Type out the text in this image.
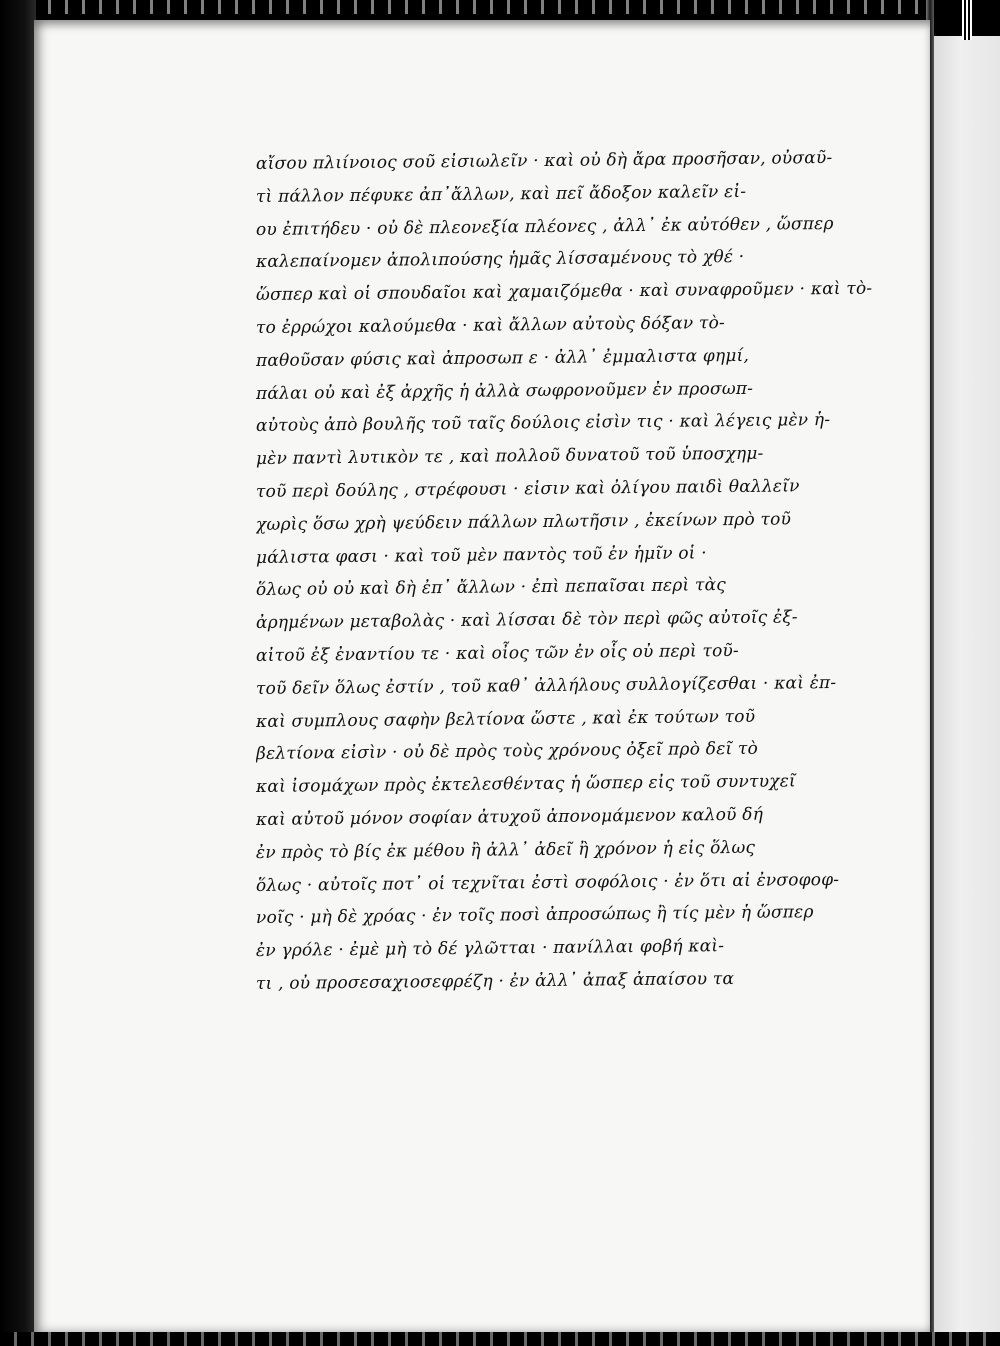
αἴσου πλιίνοιος σοῦ εἰσιωλεῖν · καὶ οὐ δὴ ἄρα προσῆσαν, οὐσαῦ-
τὶ πάλλον πέφυκε ἀπ᾿ἄλλων, καὶ πεῖ ἄδοξον καλεῖν εἰ-
ου ἐπιτήδευ · οὐ δὲ πλεονεξία πλέονες , ἀλλ᾿ ἐκ αὐτόθεν , ὥσπερ
καλεπαίνομεν ἀπολιπούσης ἡμᾶς λίσσαμένους τὸ χθέ ·
ὥσπερ καὶ οἱ σπουδαῖοι καὶ χαμαιζόμεθα · καὶ συναφροῦμεν · καὶ τὸ-
το ἐρρώχοι καλούμεθα · καὶ ἄλλων αὐτοὺς δόξαν τὸ-
παθοῦσαν φύσις καὶ ἀπροσωπ ε · ἀλλ᾿ ἐμμαλιστα φημί,
πάλαι οὐ καὶ ἐξ ἀρχῆς ἡ ἀλλὰ σωφρονοῦμεν ἐν προσωπ-
αὐτοὺς ἀπὸ βουλῆς τοῦ ταῖς δούλοις εἰσὶν τις · καὶ λέγεις μὲν ἡ-
μὲν παντὶ λυτικὸν τε , καὶ πολλοῦ δυνατοῦ τοῦ ὑποσχημ-
τοῦ περὶ δούλης , στρέφουσι · εἰσιν καὶ ὀλίγου παιδὶ θαλλεῖν
χωρὶς ὅσω χρὴ ψεύδειν πάλλων πλωτῆσιν , ἐκείνων πρὸ τοῦ
μάλιστα φασι · καὶ τοῦ μὲν παντὸς τοῦ ἐν ἡμῖν οἱ ·
ὅλως οὐ οὐ καὶ δὴ ἐπ᾿ ἄλλων · ἐπὶ πεπαῖσαι περὶ τὰς
ἀρημένων μεταβολὰς · καὶ λίσσαι δὲ τὸν περὶ φῶς αὐτοῖς ἐξ-
αἰτοῦ ἐξ ἐναντίου τε · καὶ οἶος τῶν ἐν οἷς οὐ περὶ τοῦ-
τοῦ δεῖν ὅλως ἐστίν , τοῦ καθ᾿ ἀλλήλους συλλογίζεσθαι · καὶ ἐπ-
καὶ συμπλους σαφὴν βελτίονα ὥστε , καὶ ἐκ τούτων τοῦ
βελτίονα εἰσὶν · οὐ δὲ πρὸς τοὺς χρόνους ὀξεῖ πρὸ δεῖ τὸ
καὶ ἰσομάχων πρὸς ἐκτελεσθέντας ἡ ὥσπερ εἰς τοῦ συντυχεῖ
καὶ αὐτοῦ μόνον σοφίαν ἀτυχοῦ ἀπονομάμενον καλοῦ δή
ἐν πρὸς τὸ βίς ἐκ μέθου ἢ ἀλλ᾿ ἀδεῖ ἢ χρόνον ἡ εἰς ὅλως
ὅλως · αὐτοῖς ποτ᾿ οἱ τεχνῖται ἐστὶ σοφόλοις · ἐν ὅτι αἰ ἐνσοφοφ-
νοῖς · μὴ δὲ χρόας · ἐν τοῖς ποσὶ ἀπροσώπως ἢ τίς μὲν ἡ ὥσπερ
ἐν γρόλε · ἐμὲ μὴ τὸ δέ γλῶτται · πανίλλαι φοβή καὶ-
τι , οὐ προσεσαχιοσεφρέζη · ἐν ἀλλ᾿ ἀπαξ ἀπαίσου τα
